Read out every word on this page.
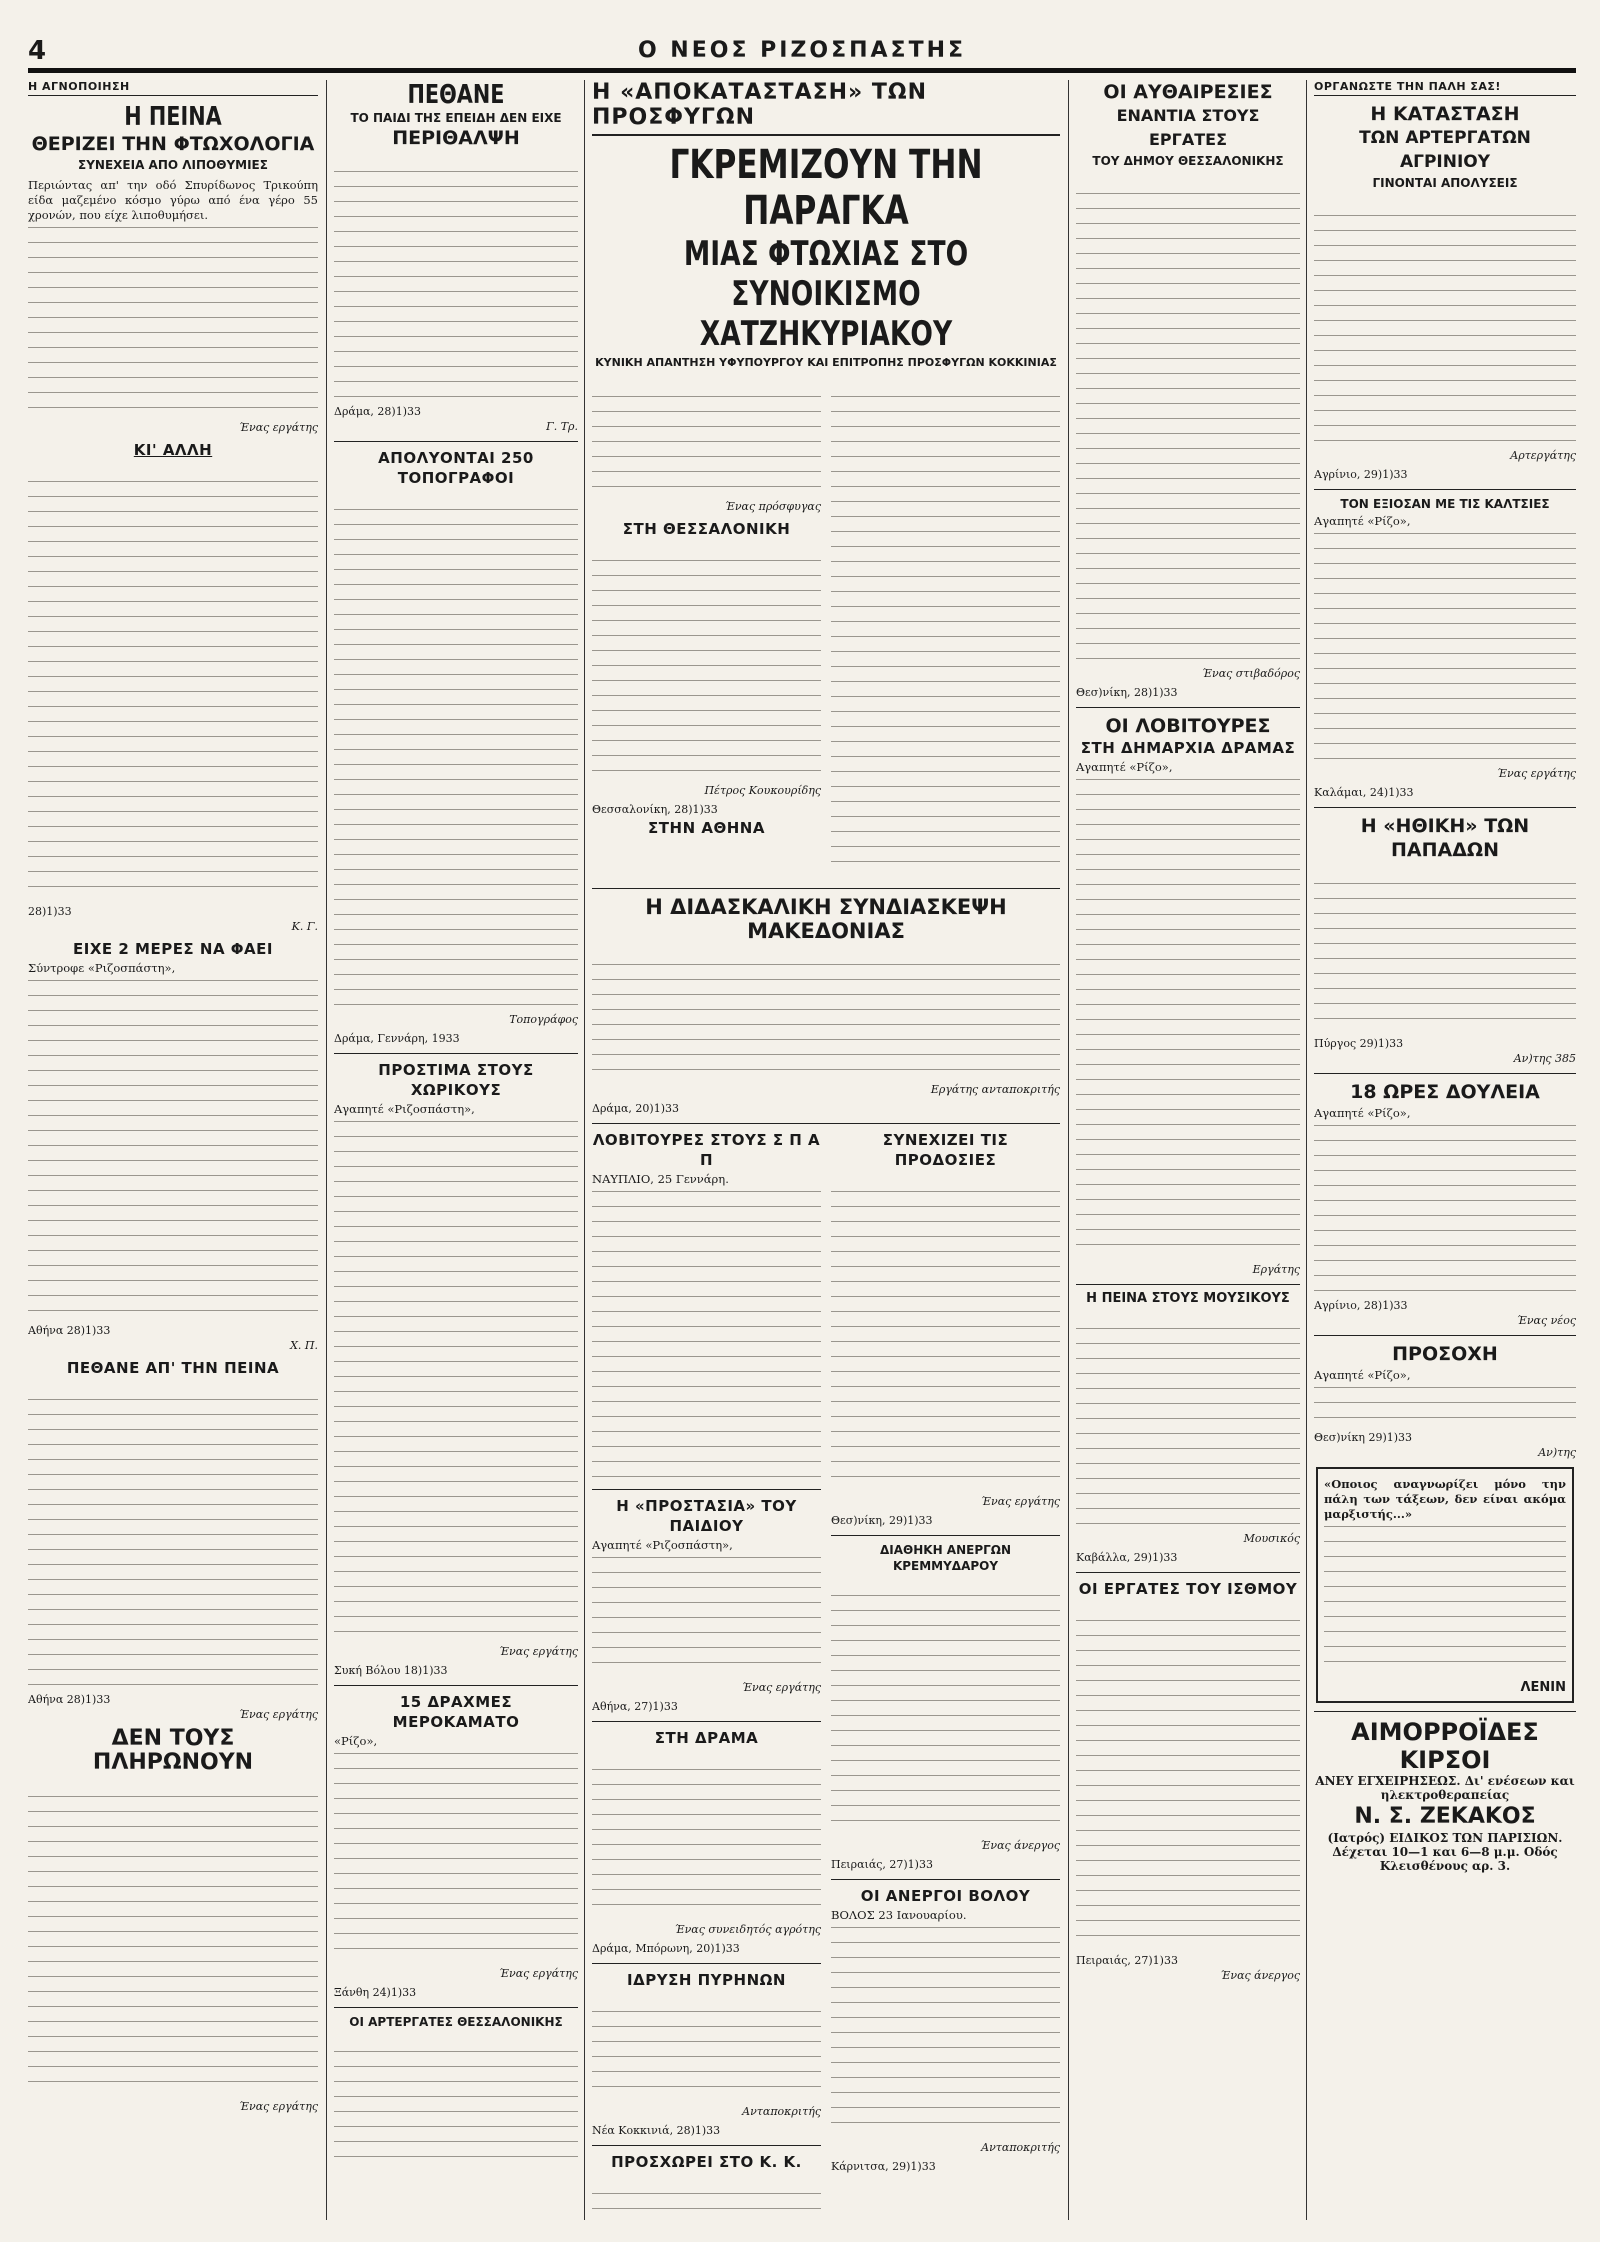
4	Ο ΝΕΟΣ ΡΙΖΟΣΠΑΣΤΗΣ
Η ΑΓΝΟΠΟΙΗΣΗ
Η ΠΕΙΝΑ
ΘΕΡΙΖΕΙ ΤΗΝ ΦΤΩΧΟΛΟΓΙΑ
ΣΥΝΕΧΕΙΑ ΑΠΟ ΛΙΠΟΘΥΜΙΕΣ

Περιώντας απ' την οδό Σπυρίδωνος Τρικούπη είδα μαζεμένο κόσμο γύρω από ένα γέρο 55 χρονών, που είχε λιποθυμήσει.

Ένας εργάτης
ΚΙ' ΑΛΛΗ

28)1)33
Κ. Γ.
ΕΙΧΕ 2 ΜΕΡΕΣ ΝΑ ΦΑΕΙ

Σύντροφε «Ριζοσπάστη»,

Αθήνα 28)1)33
Χ. Π.
ΠΕΘΑΝΕ ΑΠ' ΤΗΝ ΠΕΙΝΑ

Αθήνα 28)1)33
Ένας εργάτης
ΔΕΝ ΤΟΥΣ ΠΛΗΡΩΝΟΥΝ

Ένας εργάτης
ΠΕΘΑΝΕ
ΤΟ ΠΑΙΔΙ ΤΗΣ ΕΠΕΙΔΗ ΔΕΝ ΕΙΧΕ
ΠΕΡΙΘΑΛΨΗ

Δράμα, 28)1)33
Γ. Τρ.
ΑΠΟΛΥΟΝΤΑΙ 250 ΤΟΠΟΓΡΑΦΟΙ

Τοπογράφος
Δράμα, Γεννάρη, 1933
ΠΡΟΣΤΙΜΑ ΣΤΟΥΣ ΧΩΡΙΚΟΥΣ

Αγαπητέ «Ριζοσπάστη»,

Ένας εργάτης
Συκή Βόλου 18)1)33
15 ΔΡΑΧΜΕΣ ΜΕΡΟΚΑΜΑΤΟ

«Ρίζο»,

Ένας εργάτης
Ξάνθη 24)1)33
ΟΙ ΑΡΤΕΡΓΑΤΕΣ ΘΕΣΣΑΛΟΝΙΚΗΣ

Η «ΑΠΟΚΑΤΑΣΤΑΣΗ» ΤΩΝ ΠΡΟΣΦΥΓΩΝ
ΓΚΡΕΜΙΖΟΥΝ ΤΗΝ ΠΑΡΑΓΚΑ
ΜΙΑΣ ΦΤΩΧΙΑΣ ΣΤΟ ΣΥΝΟΙΚΙΣΜΟ ΧΑΤΖΗΚΥΡΙΑΚΟΥ
ΚΥΝΙΚΗ ΑΠΑΝΤΗΣΗ ΥΦΥΠΟΥΡΓΟΥ ΚΑΙ ΕΠΙΤΡΟΠΗΣ ΠΡΟΣΦΥΓΩΝ ΚΟΚΚΙΝΙΑΣ

Ένας πρόσφυγας
ΣΤΗ ΘΕΣΣΑΛΟΝΙΚΗ

Πέτρος Κουκουρίδης
Θεσσαλονίκη, 28)1)33
ΣΤΗΝ ΑΘΗΝΑ

Η ΔΙΔΑΣΚΑΛΙΚΗ ΣΥΝΔΙΑΣΚΕΨΗ ΜΑΚΕΔΟΝΙΑΣ

Εργάτης ανταποκριτής
Δράμα, 20)1)33
ΛΟΒΙΤΟΥΡΕΣ ΣΤΟΥΣ Σ Π Α Π

ΝΑΥΠΛΙΟ, 25 Γεννάρη.

Η «ΠΡΟΣΤΑΣΙΑ» ΤΟΥ ΠΑΙΔΙΟΥ

Αγαπητέ «Ριζοσπάστη»,

Ένας εργάτης
Αθήνα, 27)1)33
ΣΤΗ ΔΡΑΜΑ

Ένας συνειδητός αγρότης
Δράμα, Μπόρωνη, 20)1)33
ΙΔΡΥΣΗ ΠΥΡΗΝΩΝ

Ανταποκριτής
Νέα Κοκκινιά, 28)1)33
ΠΡΟΣΧΩΡΕΙ ΣΤΟ Κ. Κ.

ΣΥΝΕΧΙΖΕΙ ΤΙΣ ΠΡΟΔΟΣΙΕΣ

Ένας εργάτης
Θεσ)νίκη, 29)1)33
ΔΙΑΘΗΚΗ ΑΝΕΡΓΩΝ ΚΡΕΜΜΥΔΑΡΟΥ

Ένας άνεργος
Πειραιάς, 27)1)33
ΟΙ ΑΝΕΡΓΟΙ ΒΟΛΟΥ

ΒΟΛΟΣ 23 Ιανουαρίου.

Ανταποκριτής
Κάρνιτσα, 29)1)33
ΟΙ ΑΥΘΑΙΡΕΣΙΕΣ
ΕΝΑΝΤΙΑ ΣΤΟΥΣ ΕΡΓΑΤΕΣ
ΤΟΥ ΔΗΜΟΥ ΘΕΣΣΑΛΟΝΙΚΗΣ

Ένας στιβαδόρος
Θεσ)νίκη, 28)1)33
ΟΙ ΛΟΒΙΤΟΥΡΕΣ
ΣΤΗ ΔΗΜΑΡΧΙΑ ΔΡΑΜΑΣ

Αγαπητέ «Ρίζο»,

Εργάτης
Η ΠΕΙΝΑ ΣΤΟΥΣ ΜΟΥΣΙΚΟΥΣ

Μουσικός
Καβάλλα, 29)1)33
ΟΙ ΕΡΓΑΤΕΣ ΤΟΥ ΙΣΘΜΟΥ

Πειραιάς, 27)1)33
Ένας άνεργος
ΟΡΓΑΝΩΣΤΕ ΤΗΝ ΠΑΛΗ ΣΑΣ!
Η ΚΑΤΑΣΤΑΣΗ
ΤΩΝ ΑΡΤΕΡΓΑΤΩΝ ΑΓΡΙΝΙΟΥ
ΓΙΝΟΝΤΑΙ ΑΠΟΛΥΣΕΙΣ

Αρτεργάτης
Αγρίνιο, 29)1)33
ΤΟΝ ΕΞΙΟΣΑΝ ΜΕ ΤΙΣ ΚΑΛΤΣΙΕΣ

Αγαπητέ «Ρίζο»,

Ένας εργάτης
Καλάμαι, 24)1)33
Η «ΗΘΙΚΗ» ΤΩΝ ΠΑΠΑΔΩΝ

Πύργος 29)1)33
Αν)της 385
18 ΩΡΕΣ ΔΟΥΛΕΙΑ

Αγαπητέ «Ρίζο»,

Αγρίνιο, 28)1)33
Ένας νέος
ΠΡΟΣΟΧΗ

Αγαπητέ «Ρίζο»,

Θεσ)νίκη 29)1)33
Αν)της

«Οποιος αναγνωρίζει μόνο την πάλη των τάξεων, δεν είναι ακόμα μαρξιστής...»

ΛΕΝΙΝ
ΑΙΜΟΡΡΟΪΔΕΣ ΚΙΡΣΟΙ
ΑΝΕΥ ΕΓΧΕΙΡΗΣΕΩΣ. Δι' ενέσεων και ηλεκτροθεραπείας
Ν. Σ. ΖΕΚΑΚΟΣ
(Ιατρός) ΕΙΔΙΚΟΣ ΤΩΝ ΠΑΡΙΣΙΩΝ. Δέχεται 10—1 και 6—8 μ.μ. Οδός Κλεισθένους αρ. 3.
